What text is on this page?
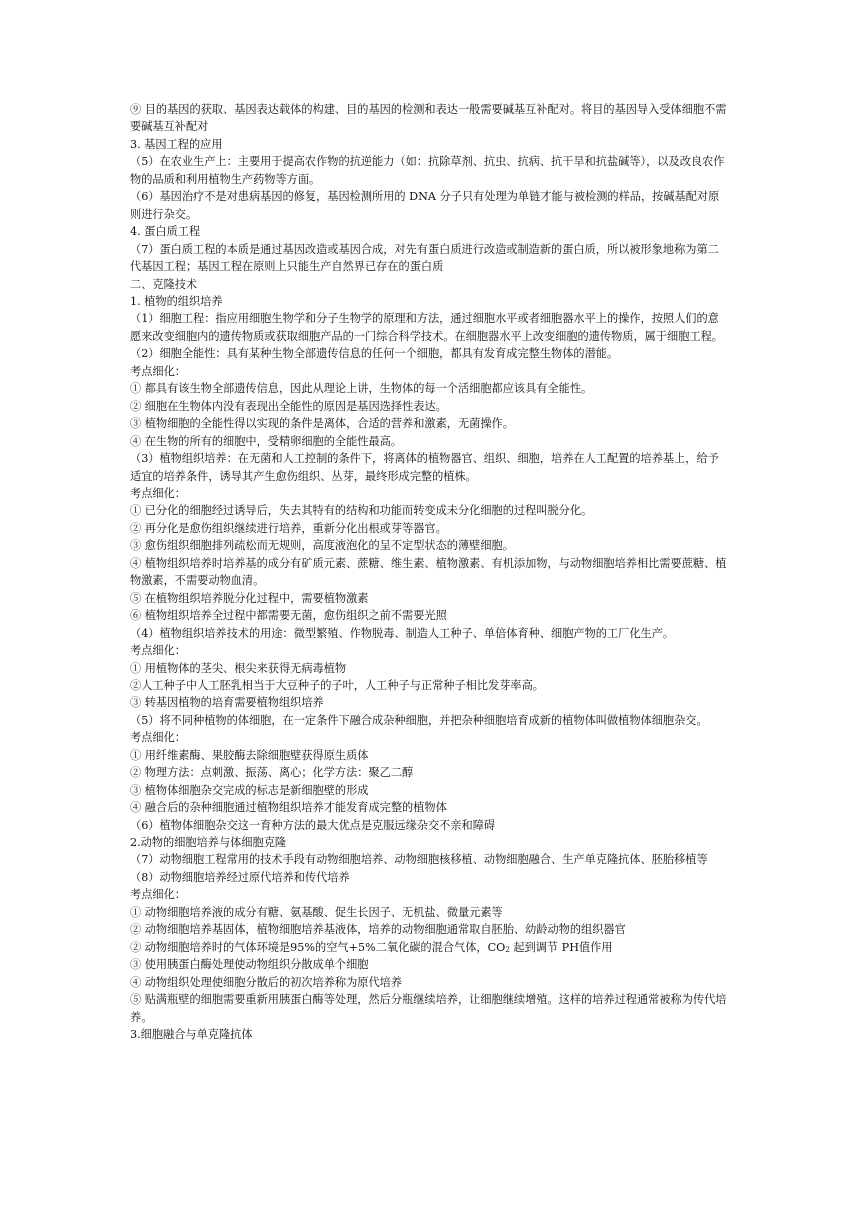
⑨ 目的基因的获取、基因表达载体的构建、目的基因的检测和表达一般需要碱基互补配对。将目的基因导入受体细胞不需要碱基互补配对
3. 基因工程的应用
（5）在农业生产上：主要用于提高农作物的抗逆能力（如：抗除草剂、抗虫、抗病、抗干旱和抗盐碱等），以及改良农作物的品质和利用植物生产药物等方面。
（6）基因治疗不是对患病基因的修复，基因检测所用的 DNA 分子只有处理为单链才能与被检测的样品，按碱基配对原则进行杂交。
4. 蛋白质工程
（7）蛋白质工程的本质是通过基因改造或基因合成，对先有蛋白质进行改造或制造新的蛋白质，所以被形象地称为第二代基因工程；基因工程在原则上只能生产自然界已存在的蛋白质
二、克隆技术
1. 植物的组织培养
（1）细胞工程：指应用细胞生物学和分子生物学的原理和方法，通过细胞水平或者细胞器水平上的操作，按照人们的意愿来改变细胞内的遗传物质或获取细胞产品的一门综合科学技术。在细胞器水平上改变细胞的遗传物质，属于细胞工程。
（2）细胞全能性：具有某种生物全部遗传信息的任何一个细胞，都具有发育成完整生物体的潜能。
考点细化：
① 都具有该生物全部遗传信息，因此从理论上讲，生物体的每一个活细胞都应该具有全能性。
② 细胞在生物体内没有表现出全能性的原因是基因选择性表达。
③ 植物细胞的全能性得以实现的条件是离体，合适的营养和激素，无菌操作。
④ 在生物的所有的细胞中，受精卵细胞的全能性最高。
（3）植物组织培养：在无菌和人工控制的条件下，将离体的植物器官、组织、细胞，培养在人工配置的培养基上，给予适宜的培养条件，诱导其产生愈伤组织、丛芽，最终形成完整的植株。
考点细化：
① 已分化的细胞经过诱导后，失去其特有的结构和功能而转变成未分化细胞的过程叫脱分化。
② 再分化是愈伤组织继续进行培养，重新分化出根或芽等器官。
③ 愈伤组织细胞排列疏松而无规则，高度液泡化的呈不定型状态的薄壁细胞。
④ 植物组织培养时培养基的成分有矿质元素、蔗糖、维生素、植物激素、有机添加物，与动物细胞培养相比需要蔗糖、植物激素，不需要动物血清。
⑤ 在植物组织培养脱分化过程中，需要植物激素
⑥ 植物组织培养全过程中都需要无菌，愈伤组织之前不需要光照
（4）植物组织培养技术的用途：微型繁殖、作物脱毒、制造人工种子、单倍体育种、细胞产物的工厂化生产。
考点细化：
① 用植物体的茎尖、根尖来获得无病毒植物
②人工种子中人工胚乳相当于大豆种子的子叶，人工种子与正常种子相比发芽率高。
③ 转基因植物的培育需要植物组织培养
（5）将不同种植物的体细胞，在一定条件下融合成杂种细胞，并把杂种细胞培育成新的植物体叫做植物体细胞杂交。
考点细化：
① 用纤维素酶、果胶酶去除细胞壁获得原生质体
② 物理方法：点刺激、振荡、离心；化学方法：聚乙二醇
③ 植物体细胞杂交完成的标志是新细胞壁的形成
④ 融合后的杂种细胞通过植物组织培养才能发育成完整的植物体
（6）植物体细胞杂交这一育种方法的最大优点是克服远缘杂交不亲和障碍
2.动物的细胞培养与体细胞克隆
（7）动物细胞工程常用的技术手段有动物细胞培养、动物细胞核移植、动物细胞融合、生产单克隆抗体、胚胎移植等
（8）动物细胞培养经过原代培养和传代培养
考点细化：
① 动物细胞培养液的成分有糖、氨基酸、促生长因子、无机盐、微量元素等
② 动物细胞培养基固体，植物细胞培养基液体，培养的动物细胞通常取自胚胎、幼龄动物的组织器官
② 动物细胞培养时的气体环境是95%的空气+5%二氧化碳的混合气体，$CO_2$ 起到调节 PH值作用
③ 使用胰蛋白酶处理使动物组织分散成单个细胞
④ 动物组织处理使细胞分散后的初次培养称为原代培养
⑤ 贴满瓶壁的细胞需要重新用胰蛋白酶等处理，然后分瓶继续培养，让细胞继续增殖。这样的培养过程通常被称为传代培养。
3.细胞融合与单克隆抗体
